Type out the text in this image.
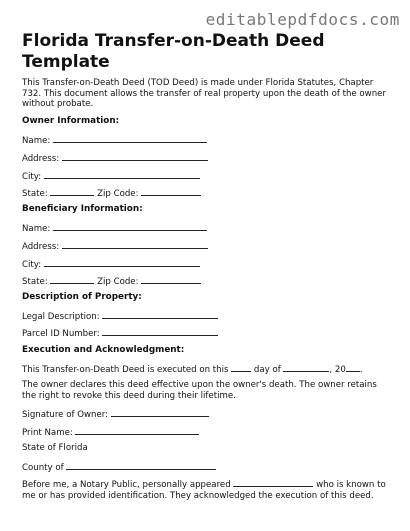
editablepdfdocs.com
Florida Transfer-on-Death Deed Template
This Transfer-on-Death Deed (TOD Deed) is made under Florida Statutes, Chapter 732. This document allows the transfer of real property upon the death of the owner without probate.
Owner Information:
Name:
Address:
City:
State:	Zip Code:
Beneficiary Information:
Name:
Address:
City:
State:	Zip Code:
Description of Property:
Legal Description:
Parcel ID Number:
Execution and Acknowledgment:
This Transfer-on-Death Deed is executed on this	day of	, 20 .
The owner declares this deed effective upon the owner's death. The owner retains the right to revoke this deed during their lifetime.
Signature of Owner:
Print Name:
State of Florida
County of
Before me, a Notary Public, personally appeared	who is known to me or has provided identification. They acknowledged the execution of this deed.
